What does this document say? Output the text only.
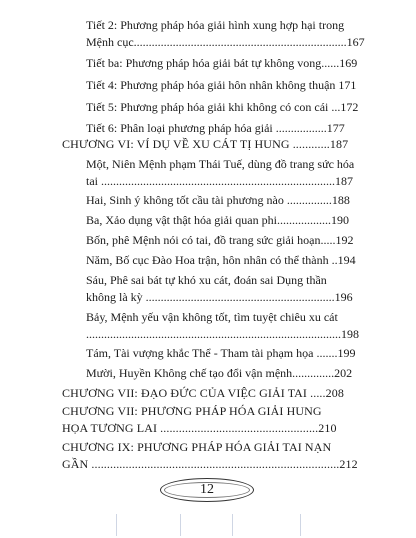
Tiết 2: Phương pháp hóa giải hình xung hợp hại trong
Mệnh cục.......................................................................167
Tiết ba: Phương pháp hóa giải bát tự không vong......169
Tiết 4: Phương pháp hóa giải hôn nhân không thuận 171
Tiết 5: Phương pháp hóa giải khi không có con cái ...172
Tiết 6: Phân loại phương pháp hóa giải .................177
CHƯƠNG VI: VÍ DỤ VỀ XU CÁT TỊ HUNG ............187
Một, Niên Mệnh phạm Thái Tuế, dùng đồ trang sức hóa
tai ..............................................................................187
Hai, Sinh ý không tốt cầu tài phương nào ...............188
Ba, Xảo dụng vật thật hóa giải quan phi..................190
Bốn, phê Mệnh nói có tai, đồ trang sức giải hoạn.....192
Năm, Bố cục Đào Hoa trận, hôn nhân có thể thành ..194
Sáu, Phê sai bát tự khó xu cát, đoán sai Dụng thần
không là kỳ ...............................................................196
Bảy, Mệnh yếu vận không tốt, tìm tuyệt chiêu xu cát
.....................................................................................198
Tám, Tài vượng khắc Thể - Tham tài phạm họa .......199
Mười, Huyền Không chế tạo đổi vận mệnh..............202
CHƯƠNG VII: ĐẠO ĐỨC CỦA VIỆC GIẢI TAI .....208
CHƯƠNG VII: PHƯƠNG PHÁP HÓA GIẢI HUNG
HỌA TƯƠNG LAI ...................................................210
CHƯƠNG IX: PHƯƠNG PHÁP HÓA GIẢI TAI NẠN
GẦN ................................................................................212
12
